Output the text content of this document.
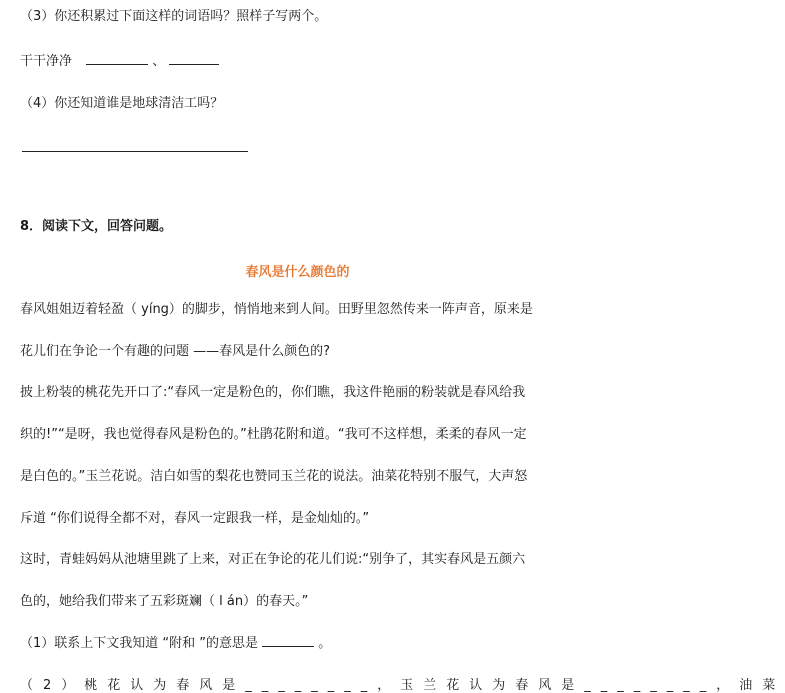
（3）你还积累过下面这样的词语吗？照样子写两个。
干干净净	、
（4）你还知道谁是地球清洁工吗？
8．阅读下文，回答问题。
春风是什么颜色的
春风姐姐迈着轻盈（ yíng）的脚步，悄悄地来到人间。田野里忽然传来一阵声音，原来是
花儿们在争论一个有趣的问题 ——春风是什么颜色的?
披上粉装的桃花先开口了:“春风一定是粉色的，你们瞧，我这件艳丽的粉装就是春风给我
织的!”“是呀，我也觉得春风是粉色的。”杜鹃花附和道。“我可不这样想，柔柔的春风一定
是白色的。”玉兰花说。洁白如雪的梨花也赞同玉兰花的说法。油菜花特别不服气，大声怒
斥道 “你们说得全都不对，春风一定跟我一样，是金灿灿的。”
这时，青蛙妈妈从池塘里跳了上来，对正在争论的花儿们说:“别争了，其实春风是五颜六
色的，她给我们带来了五彩斑斓（ l án）的春天。”
（1）联系上下文我知道 “附和 ”的意思是	。
（2）桃花认为春风是________，玉兰花认为春风是________，油菜
